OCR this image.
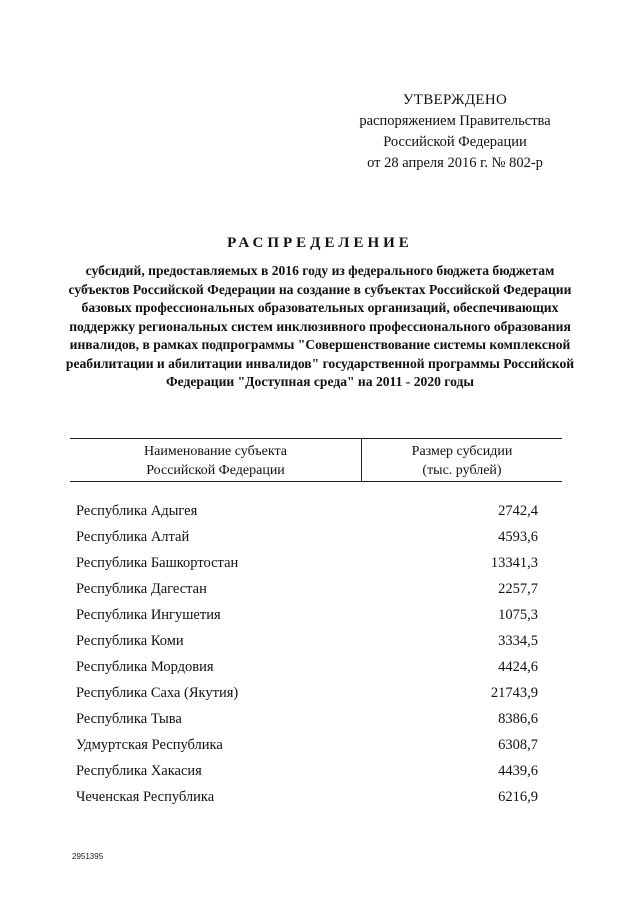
УТВЕРЖДЕНО
распоряжением Правительства
Российской Федерации
от 28 апреля 2016 г. № 802-р
РАСПРЕДЕЛЕНИЕ
субсидий, предоставляемых в 2016 году из федерального бюджета бюджетам субъектов Российской Федерации на создание в субъектах Российской Федерации базовых профессиональных образовательных организаций, обеспечивающих поддержку региональных систем инклюзивного профессионального образования инвалидов, в рамках подпрограммы "Совершенствование системы комплексной реабилитации и абилитации инвалидов" государственной программы Российской Федерации "Доступная среда" на 2011 - 2020 годы
Наименование субъекта
Российской Федерации
Размер субсидии
(тыс. рублей)
Республика Адыгея	2742,4
Республика Алтай	4593,6
Республика Башкортостан	13341,3
Республика Дагестан	2257,7
Республика Ингушетия	1075,3
Республика Коми	3334,5
Республика Мордовия	4424,6
Республика Саха (Якутия)	21743,9
Республика Тыва	8386,6
Удмуртская Республика	6308,7
Республика Хакасия	4439,6
Чеченская Республика	6216,9
2951395
